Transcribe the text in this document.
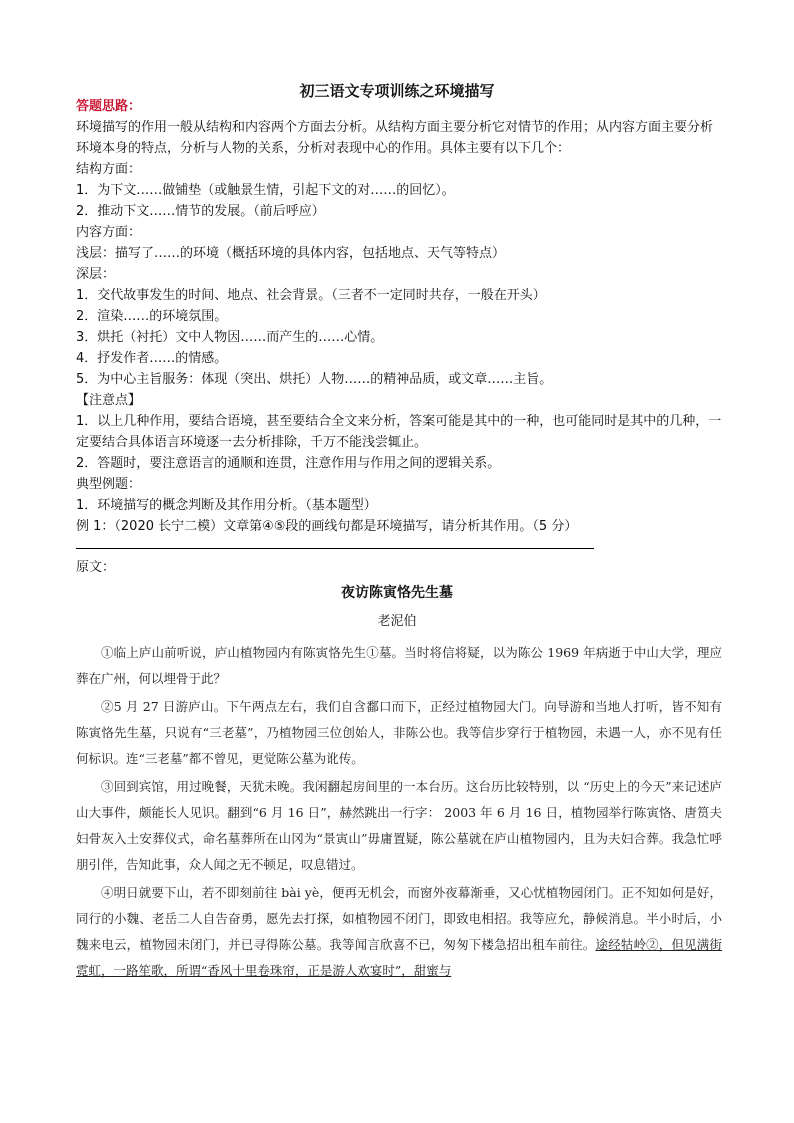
初三语文专项训练之环境描写

答题思路：

环境描写的作用一般从结构和内容两个方面去分析。从结构方面主要分析它对情节的作用；从内容方面主要分析环境本身的特点，分析与人物的关系，分析对表现中心的作用。具体主要有以下几个：

结构方面：

1．为下文……做铺垫（或触景生情，引起下文的对……的回忆）。

2．推动下文……情节的发展。（前后呼应）

内容方面：

浅层：描写了……的环境（概括环境的具体内容，包括地点、天气等特点）

深层：

1．交代故事发生的时间、地点、社会背景。（三者不一定同时共存，一般在开头）

2．渲染……的环境氛围。

3．烘托（衬托）文中人物因……而产生的……心情。

4．抒发作者……的情感。

5．为中心主旨服务：体现（突出、烘托）人物……的精神品质，或文章……主旨。

【注意点】

1．以上几种作用，要结合语境，甚至要结合全文来分析，答案可能是其中的一种，也可能同时是其中的几种，一定要结合具体语言环境逐一去分析排除，千万不能浅尝辄止。

2．答题时，要注意语言的通顺和连贯，注意作用与作用之间的逻辑关系。

典型例题：

1．环境描写的概念判断及其作用分析。（基本题型）

例 1：（2020 长宁二模）文章第④⑤段的画线句都是环境描写，请分析其作用。（5 分）

原文：
夜访陈寅恪先生墓
老泥伯

①临上庐山前听说，庐山植物园内有陈寅恪先生①墓。当时将信将疑，以为陈公 1969 年病逝于中山大学，理应葬在广州，何以埋骨于此？

②5 月 27 日游庐山。下午两点左右，我们自含鄱口而下，正经过植物园大门。向导游和当地人打听，皆不知有陈寅恪先生墓，只说有“三老墓”，乃植物园三位创始人，非陈公也。我等信步穿行于植物园，未遇一人，亦不见有任何标识。连“三老墓”都不曾见，更觉陈公墓为讹传。

③回到宾馆，用过晚餐，天犹未晚。我闲翻起房间里的一本台历。这台历比较特别，以 “历史上的今天”来记述庐山大事件，颇能长人见识。翻到“6 月 16 日”，赫然跳出一行字： 2003 年 6 月 16 日，植物园举行陈寅恪、唐筼夫妇骨灰入土安葬仪式，命名墓葬所在山冈为“景寅山”毋庸置疑，陈公墓就在庐山植物园内，且为夫妇合葬。我急忙呼朋引伴，告知此事，众人闻之无不顿足，叹息错过。

④明日就要下山，若不即刻前往 bài yè，便再无机会，而窗外夜幕渐垂，又心忧植物园闭门。正不知如何是好，同行的小魏、老岳二人自告奋勇，愿先去打探，如植物园不闭门，即致电相招。我等应允，静候消息。半小时后，小魏来电云，植物园未闭门，并已寻得陈公墓。我等闻言欣喜不已，匆匆下楼急招出租车前往。途经牯岭②，但见满街霓虹，一路笙歌，所谓“香风十里卷珠帘，正是游人欢宴时”，甜蜜与
